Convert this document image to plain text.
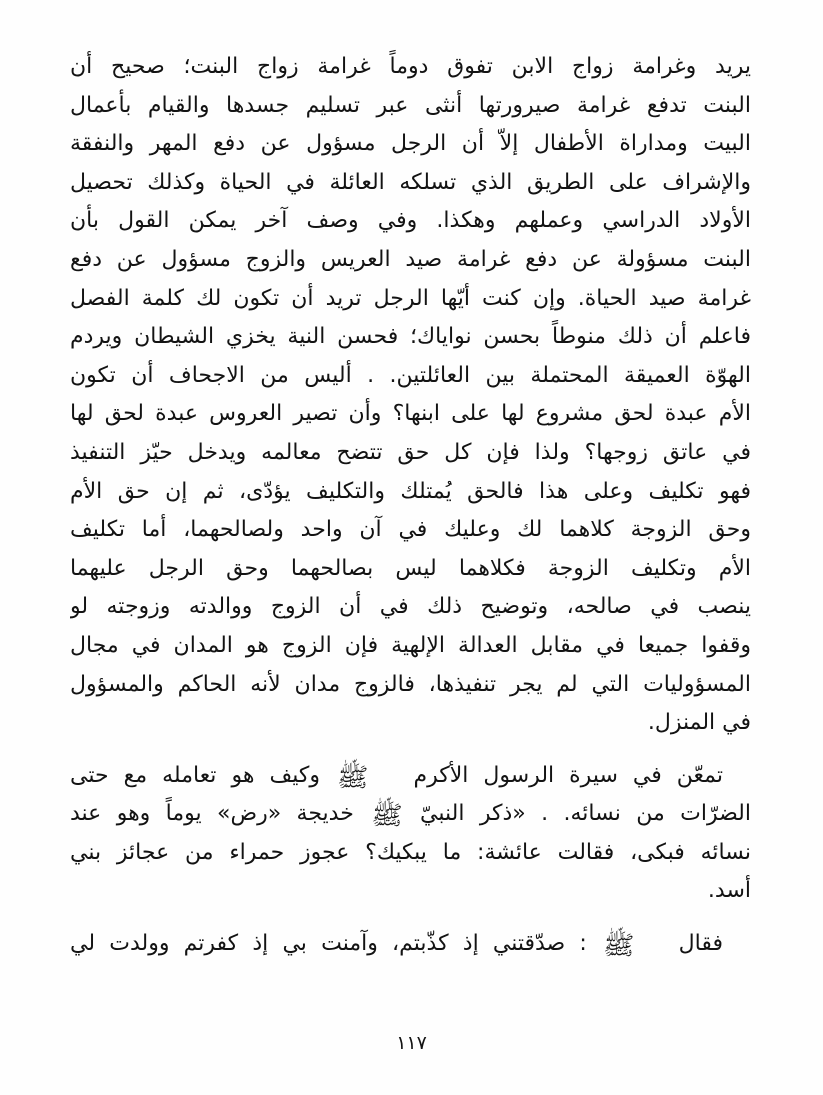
يريد وغرامة زواج الابن تفوق دوماً غرامة زواج البنت؛ صحيح أن
البنت تدفع غرامة صيرورتها أنثى عبر تسليم جسدها والقيام بأعمال
البيت ومداراة الأطفال إلاّ أن الرجل مسؤول عن دفع المهر والنفقة
والإشراف على الطريق الذي تسلكه العائلة في الحياة وكذلك تحصيل
الأولاد الدراسي وعملهم وهكذا. وفي وصف آخر يمكن القول بأن
البنت مسؤولة عن دفع غرامة صيد العريس والزوج مسؤول عن دفع
غرامة صيد الحياة. وإن كنت أيّها الرجل تريد أن تكون لك كلمة الفصل
فاعلم أن ذلك منوطاً بحسن نواياك؛ فحسن النية يخزي الشيطان ويردم
الهوّة العميقة المحتملة بين العائلتين. . أليس من الاجحاف أن تكون
الأم عبدة لحق مشروع لها على ابنها؟ وأن تصير العروس عبدة لحق لها
في عاتق زوجها؟ ولذا فإن كل حق تتضح معالمه ويدخل حيّز التنفيذ
فهو تكليف وعلى هذا فالحق يُمتلك والتكليف يؤدّى، ثم إن حق الأم
وحق الزوجة كلاهما لك وعليك في آن واحد ولصالحهما، أما تكليف
الأم وتكليف الزوجة فكلاهما ليس بصالحهما وحق الرجل عليهما
ينصب في صالحه، وتوضيح ذلك في أن الزوج ووالدته وزوجته لو
وقفوا جميعا في مقابل العدالة الإلهية فإن الزوج هو المدان في مجال
المسؤوليات التي لم يجر تنفيذها، فالزوج مدان لأنه الحاكم والمسؤول
في المنزل.
تمعّن في سيرة الرسول الأكرم ﷺ وكيف هو تعامله مع حتى
الضرّات من نسائه. . «ذكر النبيّ ﷺ خديجة «رض» يوماً وهو عند
نسائه فبكى، فقالت عائشة: ما يبكيك؟ عجوز حمراء من عجائز بني
أسد.
فقال ﷺ : صدّقتني إذ كذّبتم، وآمنت بي إذ كفرتم وولدت لي
١١٧
